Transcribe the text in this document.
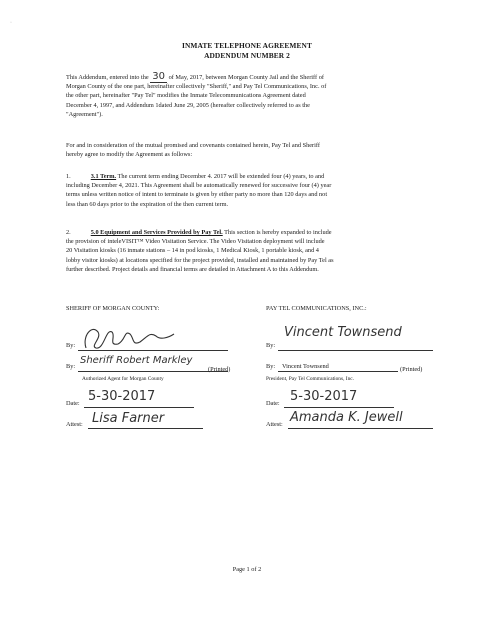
·
INMATE TELEPHONE AGREEMENT
ADDENDUM NUMBER 2
This Addendum, entered into the 30 of May, 2017, between Morgan County Jail and the Sheriff of
Morgan County of the one part, hereinafter collectively "Sheriff," and Pay Tel Communications, Inc. of
the other part, hereinafter "Pay Tel" modifies the Inmate Telecommunications Agreement dated
December 4, 1997, and Addendum 1dated June 29, 2005 (hereafter collectively referred to as the
"Agreement").
For and in consideration of the mutual promised and covenants contained herein, Pay Tel and Sheriff
hereby agree to modify the Agreement as follows:
1.	3.1 Term. The current term ending December 4. 2017 will be extended four (4) years, to and
including December 4, 2021. This Agreement shall be automatically renewed for successive four (4) year
terms unless written notice of intent to terminate is given by either party no more than 120 days and not
less than 60 days prior to the expiration of the then current term.
2.	5.0 Equipment and Services Provided by Pay Tel. This section is hereby expanded to include
the provision of inteleVISIT™ Video Visitation Service. The Video Visitation deployment will include
20 Visitation kiosks (16 inmate stations – 14 in pod kiosks, 1 Medical Kiosk, 1 portable kiosk, and 4
lobby visitor kiosks) at locations specified for the project provided, installed and maintained by Pay Tel as
further described. Project details and financial terms are detailed in Attachment A to this Addendum.
SHERIFF OF MORGAN COUNTY:
By:
By:
Sheriff Robert Markley
(Printed)
Authorized Agent for Morgan County
Date: 5-30-2017
Attest: Lisa Farner
PAY TEL COMMUNICATIONS, INC.:
By:
Vincent Townsend
By: Vincent Townsend	(Printed)
President, Pay Tel Communications, Inc.
Date: 5-30-2017
Attest: Amanda K. Jewell
Page 1 of 2
